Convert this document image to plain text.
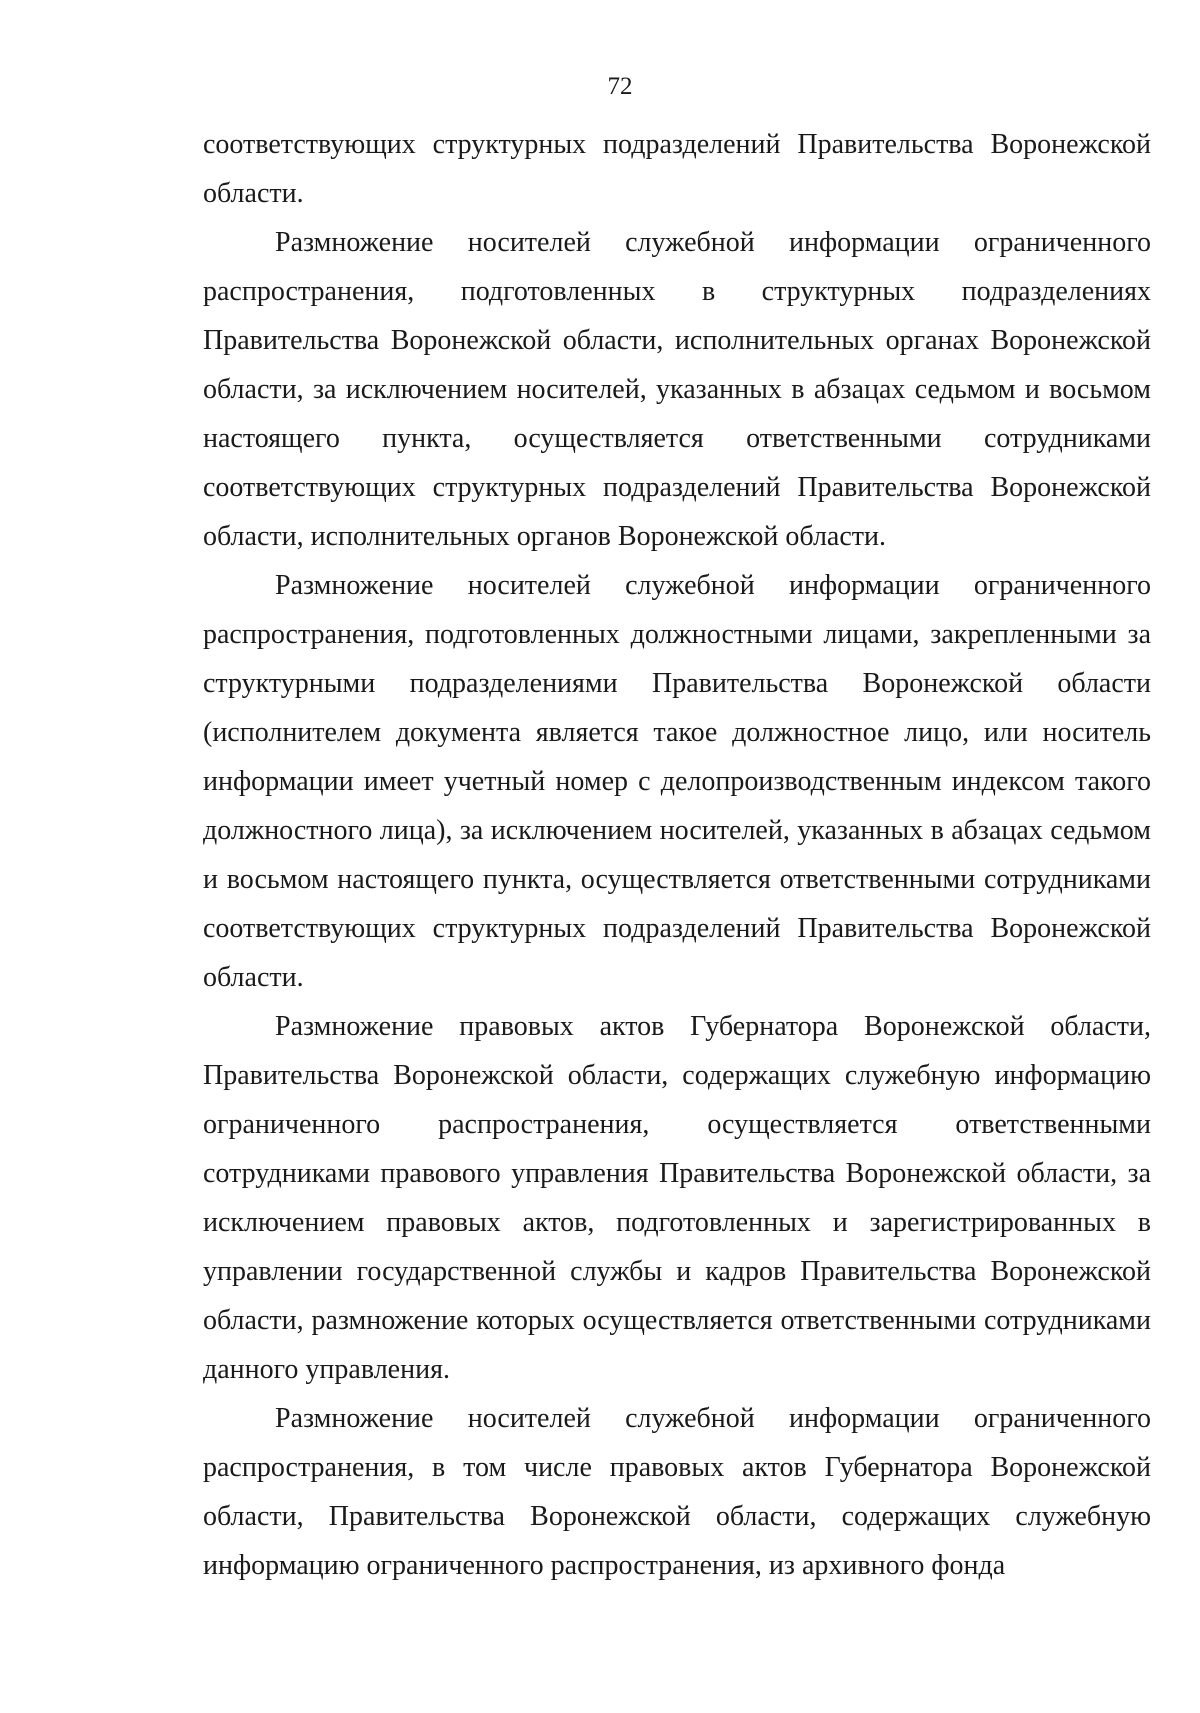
72

соответствующих структурных подразделений Правительства Воронежской области.

Размножение носителей служебной информации ограниченного распространения, подготовленных в структурных подразделениях Правительства Воронежской области, исполнительных органах Воронежской области, за исключением носителей, указанных в абзацах седьмом и восьмом настоящего пункта, осуществляется ответственными сотрудниками соответствующих структурных подразделений Правительства Воронежской области, исполнительных органов Воронежской области.

Размножение носителей служебной информации ограниченного распространения, подготовленных должностными лицами, закрепленными за структурными подразделениями Правительства Воронежской области (исполнителем документа является такое должностное лицо, или носитель информации имеет учетный номер с делопроизводственным индексом такого должностного лица), за исключением носителей, указанных в абзацах седьмом и восьмом настоящего пункта, осуществляется ответственными сотрудниками соответствующих структурных подразделений Правительства Воронежской области.

Размножение правовых актов Губернатора Воронежской области, Правительства Воронежской области, содержащих служебную информацию ограниченного распространения, осуществляется ответственными сотрудниками правового управления Правительства Воронежской области, за исключением правовых актов, подготовленных и зарегистрированных в управлении государственной службы и кадров Правительства Воронежской области, размножение которых осуществляется ответственными сотрудниками данного управления.

Размножение носителей служебной информации ограниченного распространения, в том числе правовых актов Губернатора Воронежской области, Правительства Воронежской области, содержащих служебную информацию ограниченного распространения, из архивного фонда
